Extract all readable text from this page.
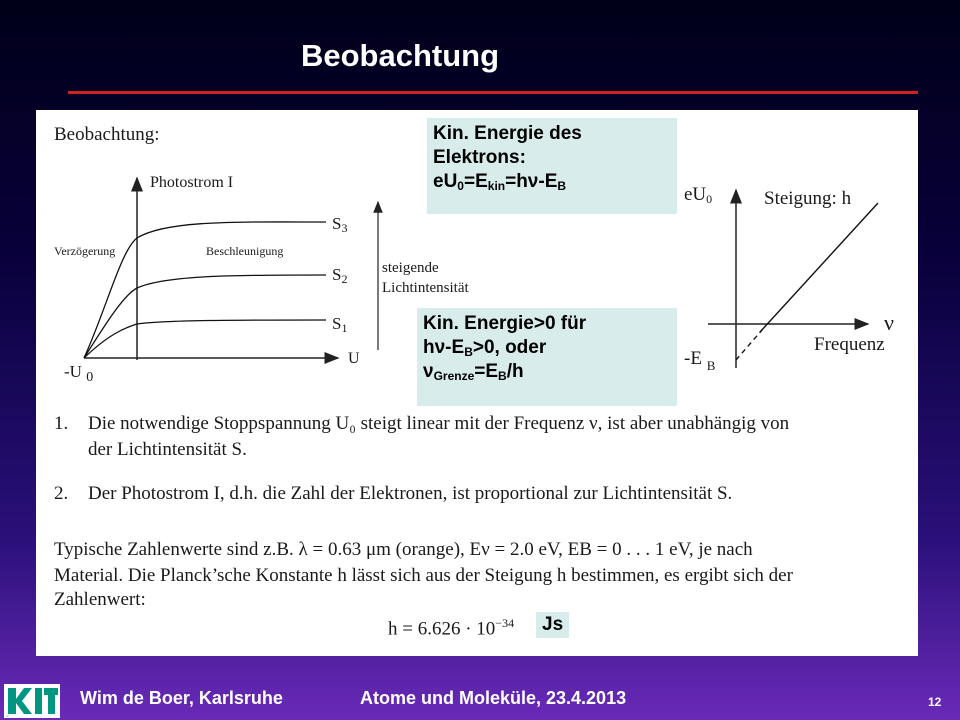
Beobachtung
Beobachtung:
Photostrom I
Verzögerung	Beschleunigung
$S_3$
$S_2$
$S_1$
steigende
Lichtintensität
U
-U $_0$
$eU_0$	Steigung: h
ν
Frequenz
-E $_B$
Kin. Energie des
Elektrons:
$eU_0=E_{kin}=h\nu-E_B$
Kin. Energie>0 für
$h\nu-E_B>0$, oder
$\nu_{Grenze}=E_B/h$
1. Die notwendige Stoppspannung U₀ steigt linear mit der Frequenz ν, ist aber unabhängig von
der Lichtintensität S.
2. Der Photostrom I, d.h. die Zahl der Elektronen, ist proportional zur Lichtintensität S.
Typische Zahlenwerte sind z.B. λ = 0.63 μm (orange), Eν = 2.0 eV, EB = 0 . . . 1 eV, je nach
Material. Die Planck’sche Konstante h lässt sich aus der Steigung h bestimmen, es ergibt sich der
Zahlenwert:
$h = 6.626 \cdot 10^{-34}$	Js
KIT
Wim de Boer, Karlsruhe	Atome und Moleküle, 23.4.2013	12
